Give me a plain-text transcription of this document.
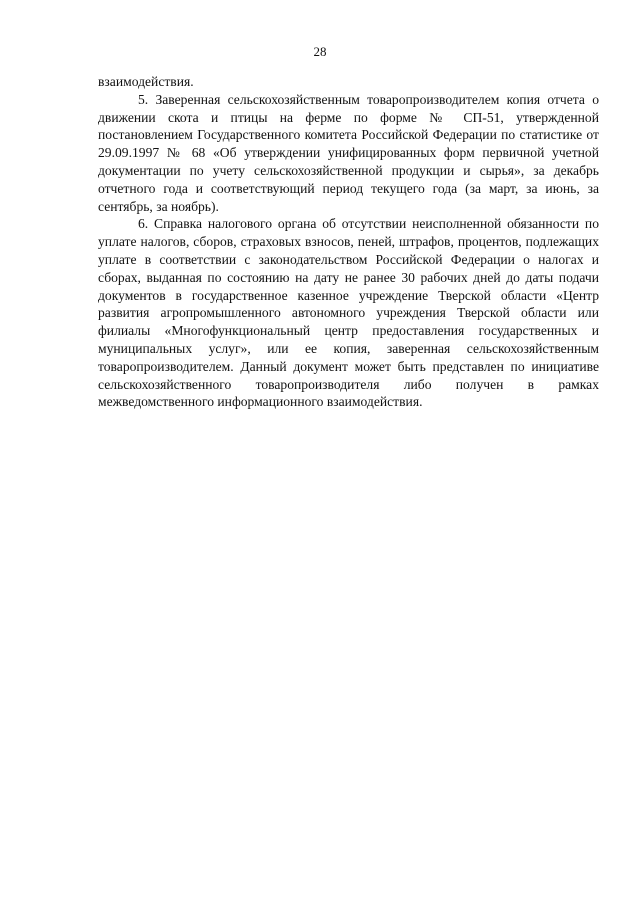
28

взаимодействия.

5. Заверенная сельскохозяйственным товаропроизводителем копия отчета о движении скота и птицы на ферме по форме № СП-51, утвержденной постановлением Государственного комитета Российской Федерации по статистике от 29.09.1997 № 68 «Об утверждении унифицированных форм первичной учетной документации по учету сельскохозяйственной продукции и сырья», за декабрь отчетного года и соответствующий период текущего года (за март, за июнь, за сентябрь, за ноябрь).

6. Справка налогового органа об отсутствии неисполненной обязанности по уплате налогов, сборов, страховых взносов, пеней, штрафов, процентов, подлежащих уплате в соответствии с законодательством Российской Федерации о налогах и сборах, выданная по состоянию на дату не ранее 30 рабочих дней до даты подачи документов в государственное казенное учреждение Тверской области «Центр развития агропромышленного автономного учреждения Тверской области или филиалы «Многофункциональный центр предоставления государственных и муниципальных услуг», или ее копия, заверенная сельскохозяйственным товаропроизводителем. Данный документ может быть представлен по инициативе сельскохозяйственного товаропроизводителя либо получен в рамках межведомственного информационного взаимодействия.
